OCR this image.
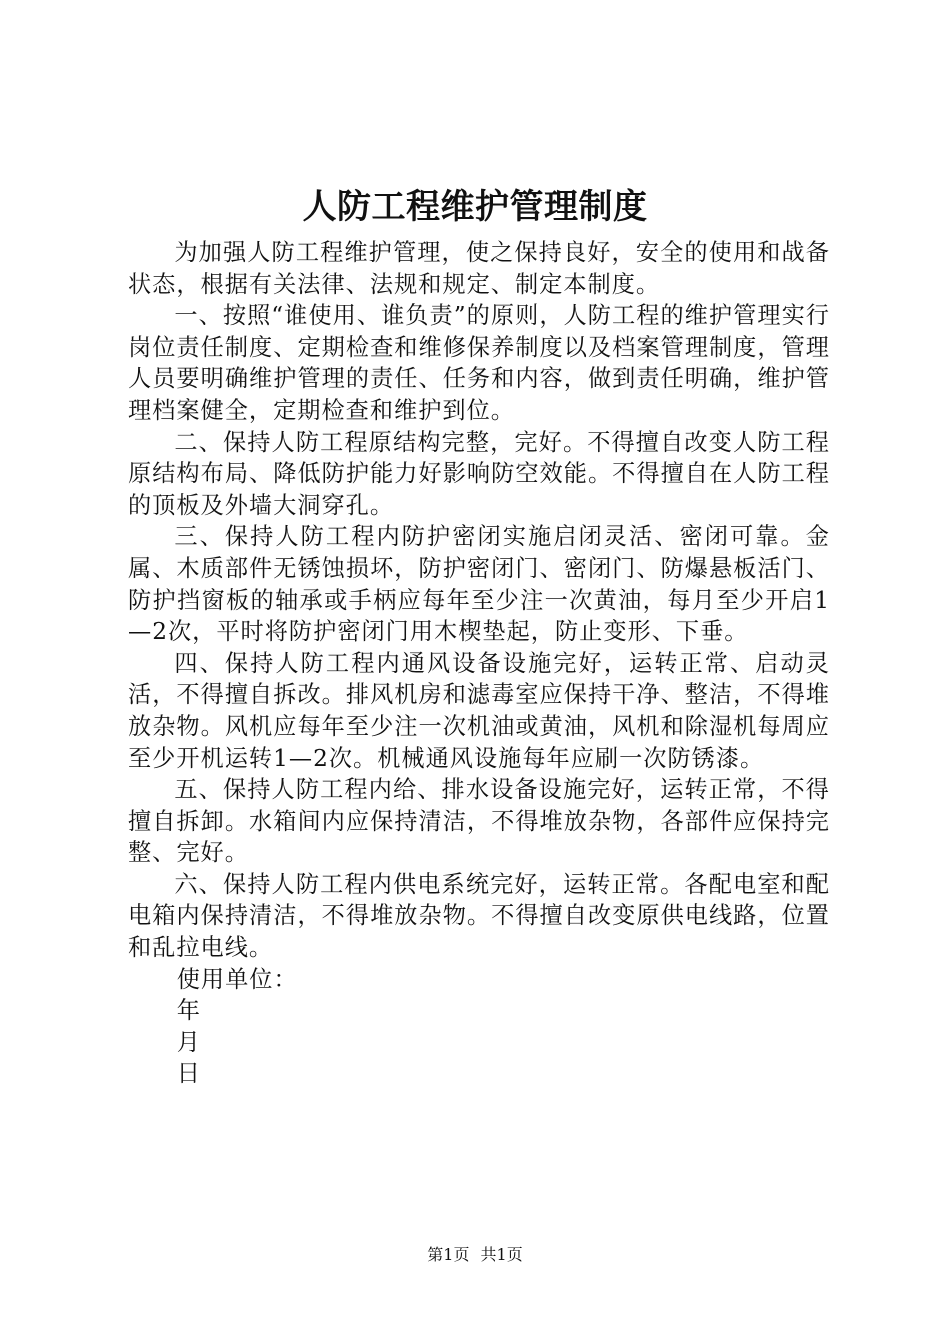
人防工程维护管理制度

为加强人防工程维护管理，使之保持良好，安全的使用和战备状态，根据有关法律、法规和规定、制定本制度。

一、按照“谁使用、谁负责”的原则，人防工程的维护管理实行岗位责任制度、定期检查和维修保养制度以及档案管理制度，管理人员要明确维护管理的责任、任务和内容，做到责任明确，维护管理档案健全，定期检查和维护到位。

二、保持人防工程原结构完整，完好。不得擅自改变人防工程原结构布局、降低防护能力好影响防空效能。不得擅自在人防工程的顶板及外墙大洞穿孔。

三、保持人防工程内防护密闭实施启闭灵活、密闭可靠。金属、木质部件无锈蚀损坏，防护密闭门、密闭门、防爆悬板活门、防护挡窗板的轴承或手柄应每年至少注一次黄油，每月至少开启1—2次，平时将防护密闭门用木楔垫起，防止变形、下垂。

四、保持人防工程内通风设备设施完好，运转正常、启动灵活，不得擅自拆改。排风机房和滤毒室应保持干净、整洁，不得堆放杂物。风机应每年至少注一次机油或黄油，风机和除湿机每周应至少开机运转1—2次。机械通风设施每年应刷一次防锈漆。

五、保持人防工程内给、排水设备设施完好，运转正常，不得擅自拆卸。水箱间内应保持清洁，不得堆放杂物，各部件应保持完整、完好。

六、保持人防工程内供电系统完好，运转正常。各配电室和配电箱内保持清洁，不得堆放杂物。不得擅自改变原供电线路，位置和乱拉电线。

使用单位：

年

月

日

第1页 共1页
